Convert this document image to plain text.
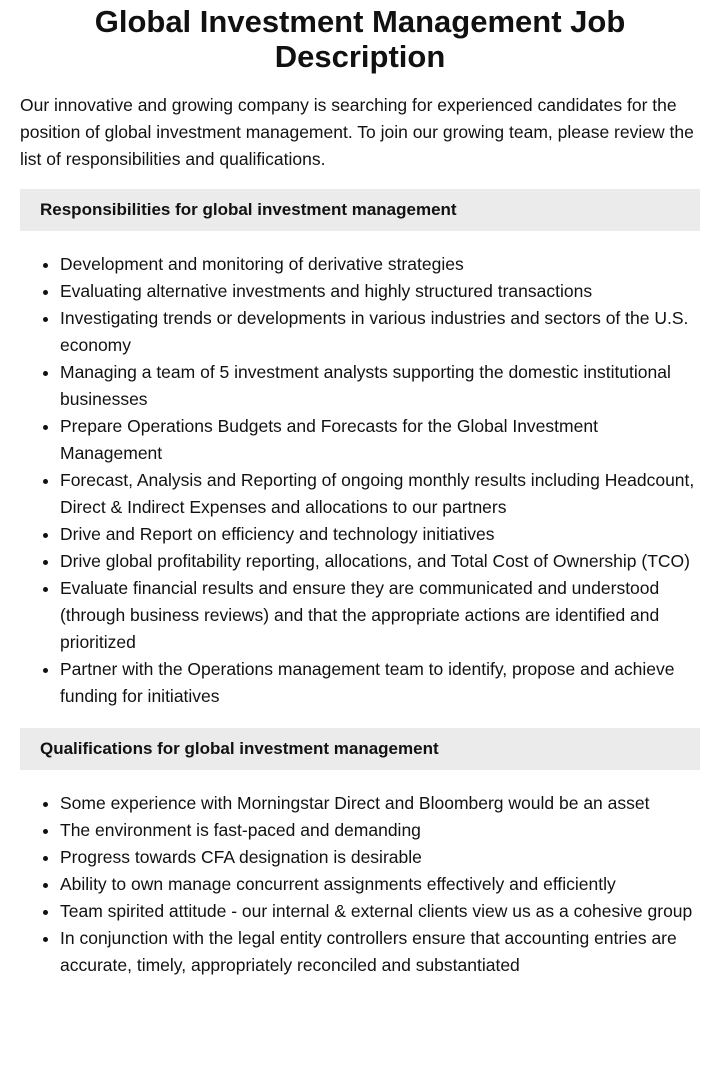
Global Investment Management Job Description

Our innovative and growing company is searching for experienced candidates for the position of global investment management. To join our growing team, please review the list of responsibilities and qualifications.

Responsibilities for global investment management
• Development and monitoring of derivative strategies
• Evaluating alternative investments and highly structured transactions
• Investigating trends or developments in various industries and sectors of the U.S. economy
• Managing a team of 5 investment analysts supporting the domestic institutional businesses
• Prepare Operations Budgets and Forecasts for the Global Investment Management
• Forecast, Analysis and Reporting of ongoing monthly results including Headcount, Direct & Indirect Expenses and allocations to our partners
• Drive and Report on efficiency and technology initiatives
• Drive global profitability reporting, allocations, and Total Cost of Ownership (TCO)
• Evaluate financial results and ensure they are communicated and understood (through business reviews) and that the appropriate actions are identified and prioritized
• Partner with the Operations management team to identify, propose and achieve funding for initiatives
Qualifications for global investment management
• Some experience with Morningstar Direct and Bloomberg would be an asset
• The environment is fast-paced and demanding
• Progress towards CFA designation is desirable
• Ability to own manage concurrent assignments effectively and efficiently
• Team spirited attitude - our internal & external clients view us as a cohesive group
• In conjunction with the legal entity controllers ensure that accounting entries are accurate, timely, appropriately reconciled and substantiated
